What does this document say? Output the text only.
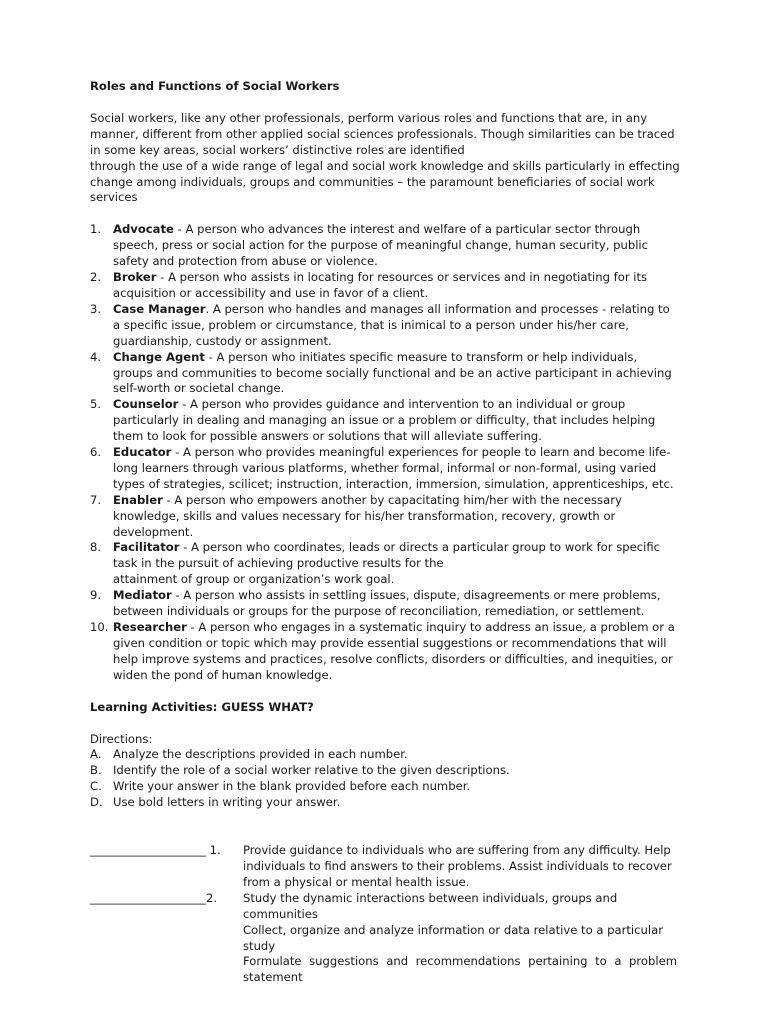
Roles and Functions of Social Workers

Social workers, like any other professionals, perform various roles and functions that are, in any manner, different from other applied social sciences professionals. Though similarities can be traced in some key areas, social workers’ distinctive roles are identified

through the use of a wide range of legal and social work knowledge and skills particularly in effecting change among individuals, groups and communities – the paramount beneficiaries of social work services

1. Advocate - A person who advances the interest and welfare of a particular sector through speech, press or social action for the purpose of meaningful change, human security, public safety and protection from abuse or violence.
2. Broker - A person who assists in locating for resources or services and in negotiating for its acquisition or accessibility and use in favor of a client.
3. Case Manager. A person who handles and manages all information and processes - relating to a specific issue, problem or circumstance, that is inimical to a person under his/her care, guardianship, custody or assignment.
4. Change Agent - A person who initiates specific measure to transform or help individuals, groups and communities to become socially functional and be an active participant in achieving self-worth or societal change.
5. Counselor - A person who provides guidance and intervention to an individual or group particularly in dealing and managing an issue or a problem or difficulty, that includes helping them to look for possible answers or solutions that will alleviate suffering.
6. Educator - A person who provides meaningful experiences for people to learn and become life-long learners through various platforms, whether formal, informal or non-formal, using varied types of strategies, scilicet; instruction, interaction, immersion, simulation, apprenticeships, etc.
7. Enabler - A person who empowers another by capacitating him/her with the necessary knowledge, skills and values necessary for his/her transformation, recovery, growth or development.
8. Facilitator - A person who coordinates, leads or directs a particular group to work for specific task in the pursuit of achieving productive results for the
attainment of group or organization’s work goal.
9. Mediator - A person who assists in settling issues, dispute, disagreements or mere problems, between individuals or groups for the purpose of reconciliation, remediation, or settlement.
10. Researcher - A person who engages in a systematic inquiry to address an issue, a problem or a given condition or topic which may provide essential suggestions or recommendations that will help improve systems and practices, resolve conflicts, disorders or difficulties, and inequities, or widen the pond of human knowledge.

Learning Activities: GUESS WHAT?

Directions:

A. Analyze the descriptions provided in each number.
B. Identify the role of a social worker relative to the given descriptions.
C. Write your answer in the blank provided before each number.
D. Use bold letters in writing your answer.
____________________ 1.	Provide guidance to individuals who are suffering from any difficulty. Help individuals to find answers to their problems. Assist individuals to recover from a physical or mental health issue.

____________________2.	Study the dynamic interactions between individuals, groups and communities

Collect, organize and analyze information or data relative to a particular study

Formulate suggestions and recommendations pertaining to a problem statement
